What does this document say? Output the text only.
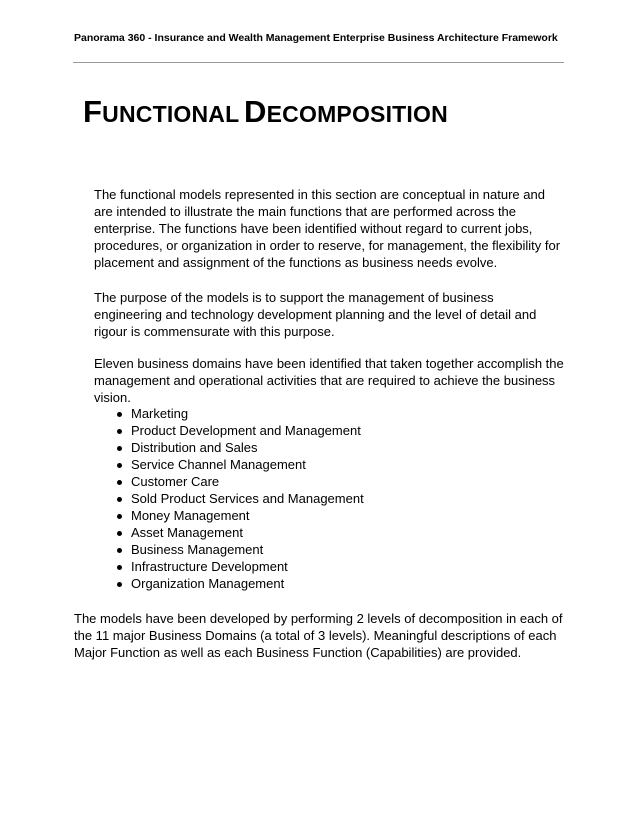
Panorama 360 - Insurance and Wealth Management Enterprise Business Architecture Framework
FUNCTIONAL DECOMPOSITION

The functional models represented in this section are conceptual in nature and are intended to illustrate the main functions that are performed across the enterprise. The functions have been identified without regard to current jobs, procedures, or organization in order to reserve, for management, the flexibility for placement and assignment of the functions as business needs evolve.

The purpose of the models is to support the management of business engineering and technology development planning and the level of detail and rigour is commensurate with this purpose.

Eleven business domains have been identified that taken together accomplish the management and operational activities that are required to achieve the business vision.

Marketing
Product Development and Management
Distribution and Sales
Service Channel Management
Customer Care
Sold Product Services and Management
Money Management
Asset Management
Business Management
Infrastructure Development
Organization Management

The models have been developed by performing 2 levels of decomposition in each of the 11 major Business Domains (a total of 3 levels). Meaningful descriptions of each Major Function as well as each Business Function (Capabilities) are provided.
